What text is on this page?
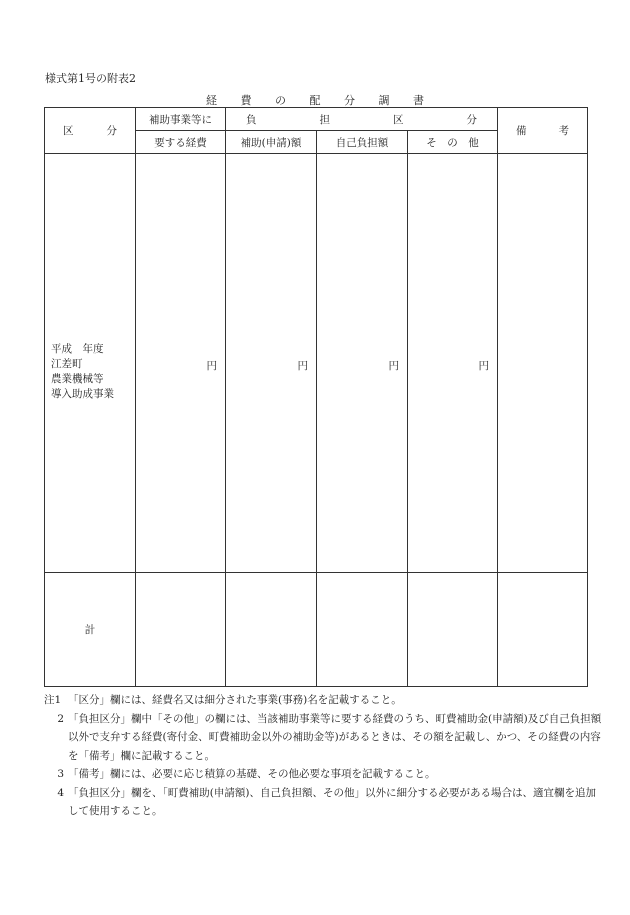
様式第1号の附表2
経 費 の 配 分 調 書
区 分	補助事業等に	負 担 区 分			備 考

	要する経費	補助(申請)額	自己負担額	そ　の　他	

平成　年度
江差町
農業機械等
導入助成事業	円	円	円	円	
計					
注1 「区分」欄には、経費名又は細分された事業(事務)名を記載すること。
2 「負担区分」欄中「その他」の欄には、当該補助事業等に要する経費のうち、町費補助金(申請額)及び自己負担額以外で支弁する経費(寄付金、町費補助金以外の補助金等)があるときは、その額を記載し、かつ、その経費の内容を「備考」欄に記載すること。
3 「備考」欄には、必要に応じ積算の基礎、その他必要な事項を記載すること。
4 「負担区分」欄を、「町費補助(申請額)、自己負担額、その他」以外に細分する必要がある場合は、適宜欄を追加して使用すること。
